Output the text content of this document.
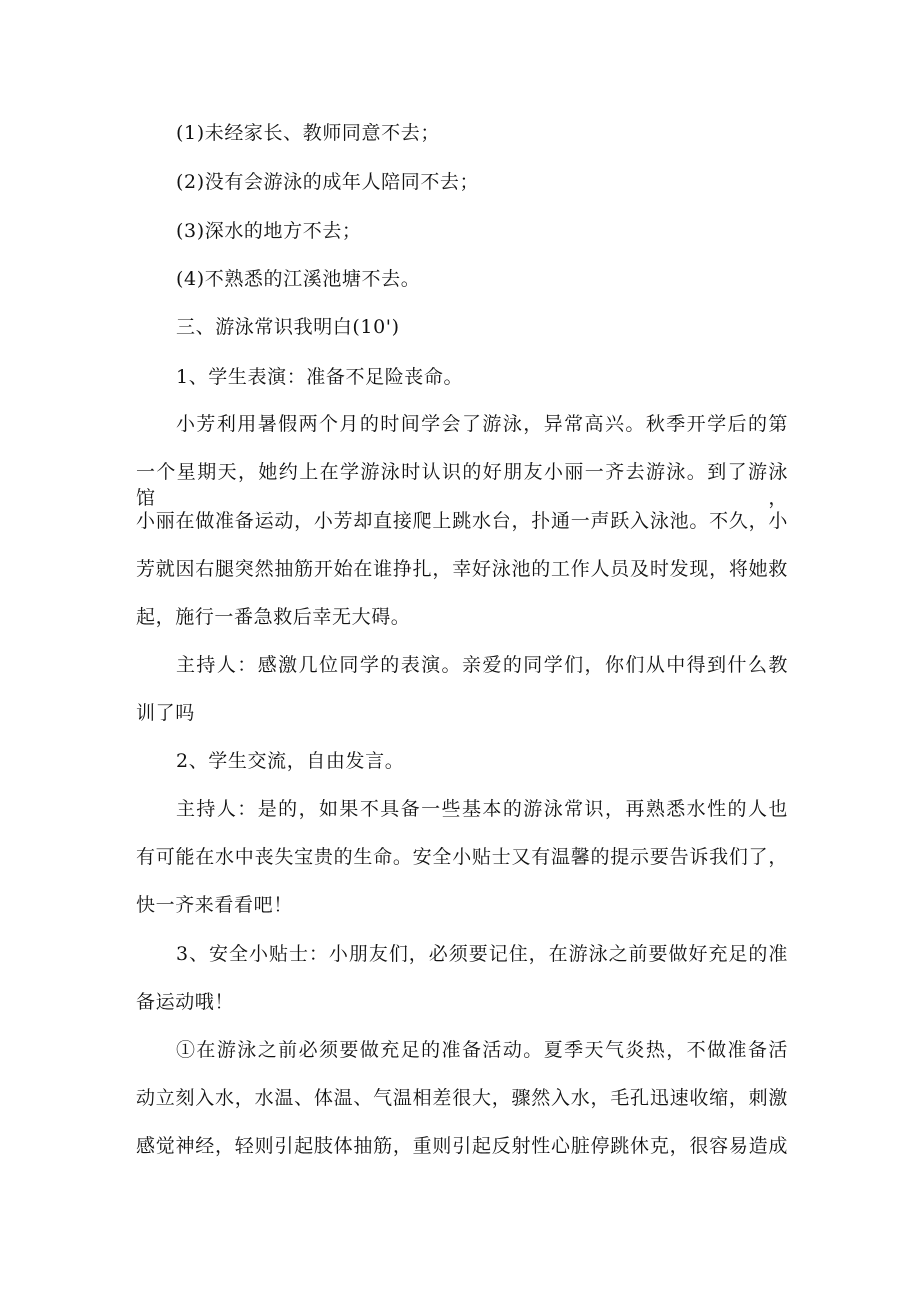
(1)未经家长、教师同意不去；

(2)没有会游泳的成年人陪同不去；

(3)深水的地方不去；

(4)不熟悉的江溪池塘不去。

三、游泳常识我明白(10')

1、学生表演：准备不足险丧命。

小芳利用暑假两个月的时间学会了游泳，异常高兴。秋季开学后的第

一个星期天，她约上在学游泳时认识的好朋友小丽一齐去游泳。到了游泳馆，

小丽在做准备运动，小芳却直接爬上跳水台，扑通一声跃入泳池。不久，小

芳就因右腿突然抽筋开始在谁挣扎，幸好泳池的工作人员及时发现，将她救

起，施行一番急救后幸无大碍。

主持人：感激几位同学的表演。亲爱的同学们，你们从中得到什么教

训了吗

2、学生交流，自由发言。

主持人：是的，如果不具备一些基本的游泳常识，再熟悉水性的人也

有可能在水中丧失宝贵的生命。安全小贴士又有温馨的提示要告诉我们了，

快一齐来看看吧！

3、安全小贴士：小朋友们，必须要记住，在游泳之前要做好充足的准

备运动哦！

①在游泳之前必须要做充足的准备活动。夏季天气炎热，不做准备活

动立刻入水，水温、体温、气温相差很大，骤然入水，毛孔迅速收缩，刺激

感觉神经，轻则引起肢体抽筋，重则引起反射性心脏停跳休克，很容易造成
